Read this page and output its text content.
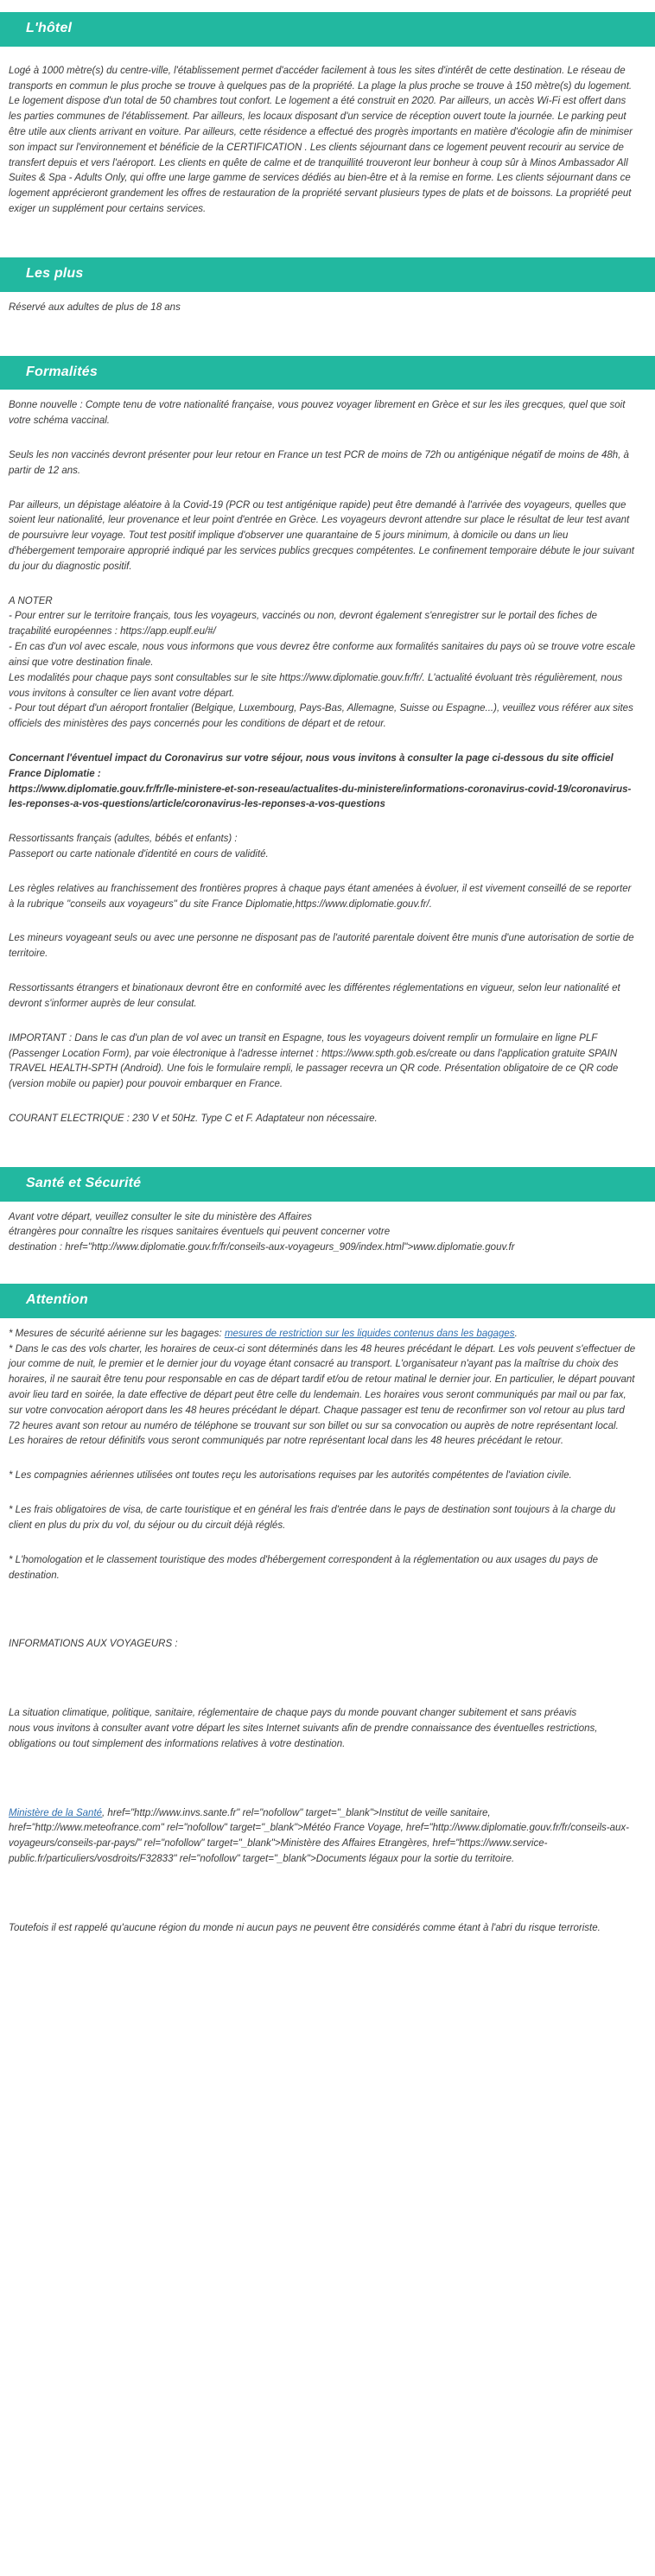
L'hôtel

Logé à 1000 mètre(s) du centre-ville, l'établissement permet d'accéder facilement à tous les sites d'intérêt de cette destination. Le réseau de transports en commun le plus proche se trouve à quelques pas de la propriété. La plage la plus proche se trouve à 150 mètre(s) du logement. Le logement dispose d'un total de 50 chambres tout confort. Le logement a été construit en 2020. Par ailleurs, un accès Wi-Fi est offert dans les parties communes de l'établissement. Par ailleurs, les locaux disposant d'un service de réception ouvert toute la journée. Le parking peut être utile aux clients arrivant en voiture. Par ailleurs, cette résidence a effectué des progrès importants en matière d'écologie afin de minimiser son impact sur l'environnement et bénéficie de la CERTIFICATION . Les clients séjournant dans ce logement peuvent recourir au service de transfert depuis et vers l'aéroport. Les clients en quête de calme et de tranquillité trouveront leur bonheur à coup sûr à Minos Ambassador All Suites & Spa - Adults Only, qui offre une large gamme de services dédiés au bien-être et à la remise en forme. Les clients séjournant dans ce logement apprécieront grandement les offres de restauration de la propriété servant plusieurs types de plats et de boissons. La propriété peut exiger un supplément pour certains services.

Les plus

Réservé aux adultes de plus de 18 ans

Formalités

Bonne nouvelle : Compte tenu de votre nationalité française, vous pouvez voyager librement en Grèce et sur les iles grecques, quel que soit votre schéma vaccinal.

Seuls les non vaccinés devront présenter pour leur retour en France un test PCR de moins de 72h ou antigénique négatif de moins de 48h, à partir de 12 ans.

Par ailleurs, un dépistage aléatoire à la Covid-19 (PCR ou test antigénique rapide) peut être demandé à l'arrivée des voyageurs, quelles que soient leur nationalité, leur provenance et leur point d'entrée en Grèce. Les voyageurs devront attendre sur place le résultat de leur test avant de poursuivre leur voyage. Tout test positif implique d'observer une quarantaine de 5 jours minimum, à domicile ou dans un lieu d'hébergement temporaire approprié indiqué par les services publics grecques compétentes. Le confinement temporaire débute le jour suivant du jour du diagnostic positif.

A NOTER

- Pour entrer sur le territoire français, tous les voyageurs, vaccinés ou non, devront également s'enregistrer sur le portail des fiches de traçabilité européennes : https://app.euplf.eu/#/

- En cas d'un vol avec escale, nous vous informons que vous devrez être conforme aux formalités sanitaires du pays où se trouve votre escale ainsi que votre destination finale.

Les modalités pour chaque pays sont consultables sur le site https://www.diplomatie.gouv.fr/fr/. L'actualité évoluant très régulièrement, nous vous invitons à consulter ce lien avant votre départ.

- Pour tout départ d'un aéroport frontalier (Belgique, Luxembourg, Pays-Bas, Allemagne, Suisse ou Espagne...), veuillez vous référer aux sites officiels des ministères des pays concernés pour les conditions de départ et de retour.

Concernant l'éventuel impact du Coronavirus sur votre séjour, nous vous invitons à consulter la page ci-dessous du site officiel France Diplomatie :

https://www.diplomatie.gouv.fr/fr/le-ministere-et-son-reseau/actualites-du-ministere/informations-coronavirus-covid-19/coronavirus-les-reponses-a-vos-questions/article/coronavirus-les-reponses-a-vos-questions

Ressortissants français (adultes, bébés et enfants) :

Passeport ou carte nationale d'identité en cours de validité.

Les règles relatives au franchissement des frontières propres à chaque pays étant amenées à évoluer, il est vivement conseillé de se reporter à la rubrique "conseils aux voyageurs" du site France Diplomatie,https://www.diplomatie.gouv.fr/.

Les mineurs voyageant seuls ou avec une personne ne disposant pas de l'autorité parentale doivent être munis d'une autorisation de sortie de territoire.

Ressortissants étrangers et binationaux devront être en conformité avec les différentes réglementations en vigueur, selon leur nationalité et devront s'informer auprès de leur consulat.

IMPORTANT : Dans le cas d'un plan de vol avec un transit en Espagne, tous les voyageurs doivent remplir un formulaire en ligne PLF (Passenger Location Form), par voie électronique à l'adresse internet : https://www.spth.gob.es/create ou dans l'application gratuite SPAIN TRAVEL HEALTH-SPTH (Android). Une fois le formulaire rempli, le passager recevra un QR code. Présentation obligatoire de ce QR code (version mobile ou papier) pour pouvoir embarquer en France.

COURANT ELECTRIQUE : 230 V et 50Hz. Type C et F. Adaptateur non nécessaire.

Santé et Sécurité

Avant votre départ, veuillez consulter le site du ministère des Affaires

étrangères pour connaître les risques sanitaires éventuels qui peuvent concerner votre

destination : href="http://www.diplomatie.gouv.fr/fr/conseils-aux-voyageurs_909/index.html">www.diplomatie.gouv.fr

Attention

* Mesures de sécurité aérienne sur les bagages: mesures de restriction sur les liquides contenus dans les bagages.

* Dans le cas des vols charter, les horaires de ceux-ci sont déterminés dans les 48 heures précédant le départ. Les vols peuvent s'effectuer de jour comme de nuit, le premier et le dernier jour du voyage étant consacré au transport. L'organisateur n'ayant pas la maîtrise du choix des horaires, il ne saurait être tenu pour responsable en cas de départ tardif et/ou de retour matinal le dernier jour. En particulier, le départ pouvant avoir lieu tard en soirée, la date effective de départ peut être celle du lendemain. Les horaires vous seront communiqués par mail ou par fax, sur votre convocation aéroport dans les 48 heures précédant le départ. Chaque passager est tenu de reconfirmer son vol retour au plus tard 72 heures avant son retour au numéro de téléphone se trouvant sur son billet ou sur sa convocation ou auprès de notre représentant local. Les horaires de retour définitifs vous seront communiqués par notre représentant local dans les 48 heures précédant le retour.

* Les compagnies aériennes utilisées ont toutes reçu les autorisations requises par les autorités compétentes de l'aviation civile.

* Les frais obligatoires de visa, de carte touristique et en général les frais d'entrée dans le pays de destination sont toujours à la charge du client en plus du prix du vol, du séjour ou du circuit déjà réglés.

* L'homologation et le classement touristique des modes d'hébergement correspondent à la réglementation ou aux usages du pays de destination.

INFORMATIONS AUX VOYAGEURS :

La situation climatique, politique, sanitaire, réglementaire de chaque pays du monde pouvant changer subitement et sans préavis

nous vous invitons à consulter avant votre départ les sites Internet suivants afin de prendre connaissance des éventuelles restrictions, obligations ou tout simplement des informations relatives à votre destination.

Ministère de la Santé, href="http://www.invs.sante.fr" rel="nofollow" target="_blank">Institut de veille sanitaire, href="http://www.meteofrance.com" rel="nofollow" target="_blank">Météo France Voyage, href="http://www.diplomatie.gouv.fr/fr/conseils-aux-voyageurs/conseils-par-pays/" rel="nofollow" target="_blank">Ministère des Affaires Etrangères, href="https://www.service-public.fr/particuliers/vosdroits/F32833" rel="nofollow" target="_blank">Documents légaux pour la sortie du territoire.

Toutefois il est rappelé qu'aucune région du monde ni aucun pays ne peuvent être considérés comme étant à l'abri du risque terroriste.
